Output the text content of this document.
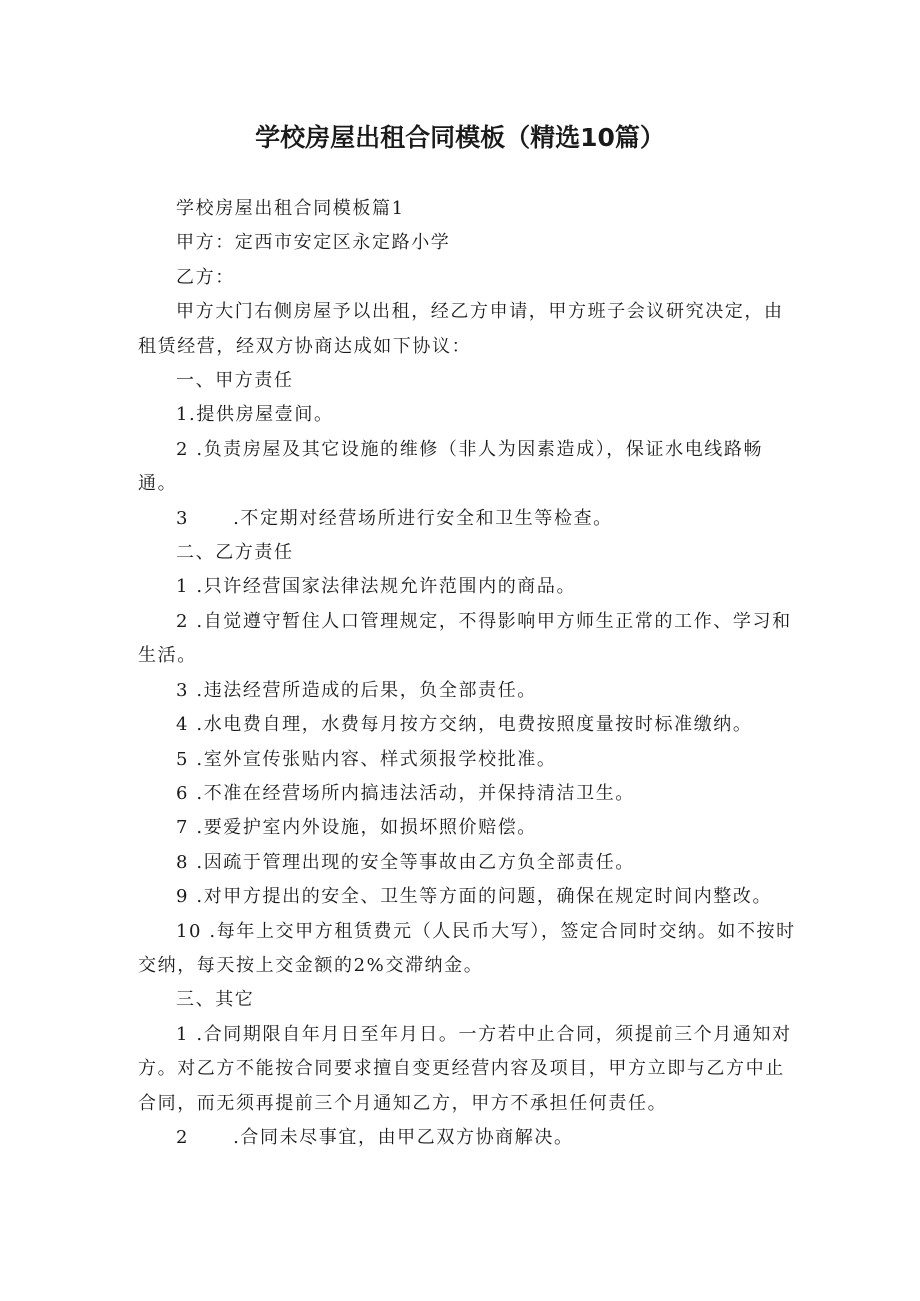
学校房屋出租合同模板（精选10篇）

学校房屋出租合同模板篇1

甲方：定西市安定区永定路小学

乙方：

甲方大门右侧房屋予以出租，经乙方申请，甲方班子会议研究决定，由租赁经营，经双方协商达成如下协议：

一、甲方责任

1.提供房屋壹间。

2 .负责房屋及其它设施的维修（非人为因素造成），保证水电线路畅通。

3 .不定期对经营场所进行安全和卫生等检查。

二、乙方责任

1 .只许经营国家法律法规允许范围内的商品。

2 .自觉遵守暂住人口管理规定，不得影响甲方师生正常的工作、学习和生活。

3 .违法经营所造成的后果，负全部责任。

4 .水电费自理，水费每月按方交纳，电费按照度量按时标准缴纳。

5 .室外宣传张贴内容、样式须报学校批准。

6 .不准在经营场所内搞违法活动，并保持清洁卫生。

7 .要爱护室内外设施，如损坏照价赔偿。

8 .因疏于管理出现的安全等事故由乙方负全部责任。

9 .对甲方提出的安全、卫生等方面的问题，确保在规定时间内整改。

10 .每年上交甲方租赁费元（人民币大写），签定合同时交纳。如不按时交纳，每天按上交金额的2%交滞纳金。

三、其它

1 .合同期限自年月日至年月日。一方若中止合同，须提前三个月通知对方。对乙方不能按合同要求擅自变更经营内容及项目，甲方立即与乙方中止合同，而无须再提前三个月通知乙方，甲方不承担任何责任。

2 .合同未尽事宜，由甲乙双方协商解决。
